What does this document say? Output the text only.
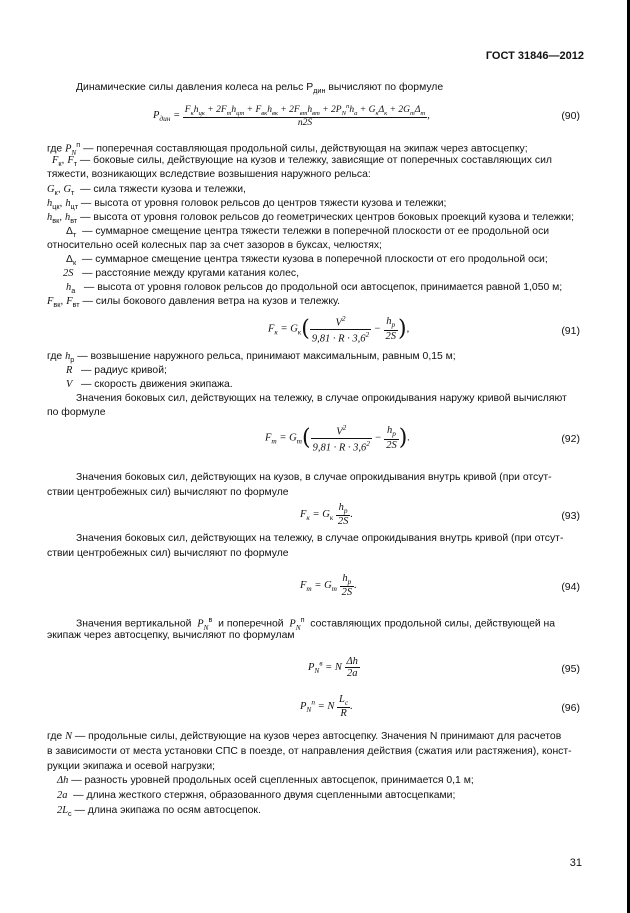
ГОСТ 31846—2012
Динамические силы давления колеса на рельс $P_{дин}$ вычисляют по формуле
$P_{дин} = \frac{F_кh_{цк} + 2F_тh_{цт} + F_{вк}h_{вк} + 2F_{вт}h_{вт} + 2P_N^пh_а + G_к\Delta_к + 2G_т\Delta_т}{n2S}$ ,	(90)
где $P_N^п$ — поперечная составляющая продольной силы, действующая на экипаж через автосцепку;
$F_к$, $F_т$ — боковые силы, действующие на кузов и тележку, зависящие от поперечных составляющих сил
тяжести, возникающих вследствие возвышения наружного рельса:
$G_к$, $G_т$ — сила тяжести кузова и тележки,
$h_{цк}$, $h_{цт}$ — высота от уровня головок рельсов до центров тяжести кузова и тележки;
$h_{вк}$, $h_{вт}$ — высота от уровня головок рельсов до геометрических центров боковых проекций кузова и тележки;
$\Delta_т$ — суммарное смещение центра тяжести тележки в поперечной плоскости от ее продольной оси
относительно осей колесных пар за счет зазоров в буксах, челюстях;
$\Delta_к$ — суммарное смещение центра тяжести кузова в поперечной плоскости от его продольной оси;
2S — расстояние между кругами катания колес,
$h_а$ — высота от уровня головок рельсов до продольной оси автосцепок, принимается равной 1,050 м;
$F_{вк}$, $F_{вт}$ — силы бокового давления ветра на кузов и тележку.
$F_к = G_к( \frac{V^2}{9,81 \cdot R \cdot 3,6^2} - \frac{h_р}{2S}$ ),	(91)
где $h_р$ — возвышение наружного рельса, принимают максимальным, равным 0,15 м;
R — радиус кривой;
V — скорость движения экипажа.
Значения боковых сил, действующих на тележку, в случае опрокидывания наружу кривой вычисляют
по формуле
$F_т = G_т( \frac{V^2}{9,81 \cdot R \cdot 3,6^2} - \frac{h_р}{2S}$ ).	(92)
Значения боковых сил, действующих на кузов, в случае опрокидывания внутрь кривой (при отсут-
ствии центробежных сил) вычисляют по формуле
$F_к = G_к \frac{h_р}{2S}$ .	(93)
Значения боковых сил, действующих на тележку, в случае опрокидывания внутрь кривой (при отсут-
ствии центробежных сил) вычисляют по формуле
$F_т = G_m \frac{h_р}{2S}$ .	(94)
Значения вертикальной $P_N^в$ и поперечной $P_N^п$ составляющих продольной силы, действующей на
экипаж через автосцепку, вычисляют по формулам
$P_N^в = N \frac{\Delta h}{2a}$	(95)
$P_N^п = N \frac{L_с}{R}$ .	(96)
где N — продольные силы, действующие на кузов через автосцепку. Значения N принимают для расчетов
в зависимости от места установки СПС в поезде, от направления действия (сжатия или растяжения), конст-
рукции экипажа и осевой нагрузки;
Δh — разность уровней продольных осей сцепленных автосцепок, принимается 0,1 м;
2a — длина жесткого стержня, образованного двумя сцепленными автосцепками;
$2L_с$ — длина экипажа по осям автосцепок.
31
